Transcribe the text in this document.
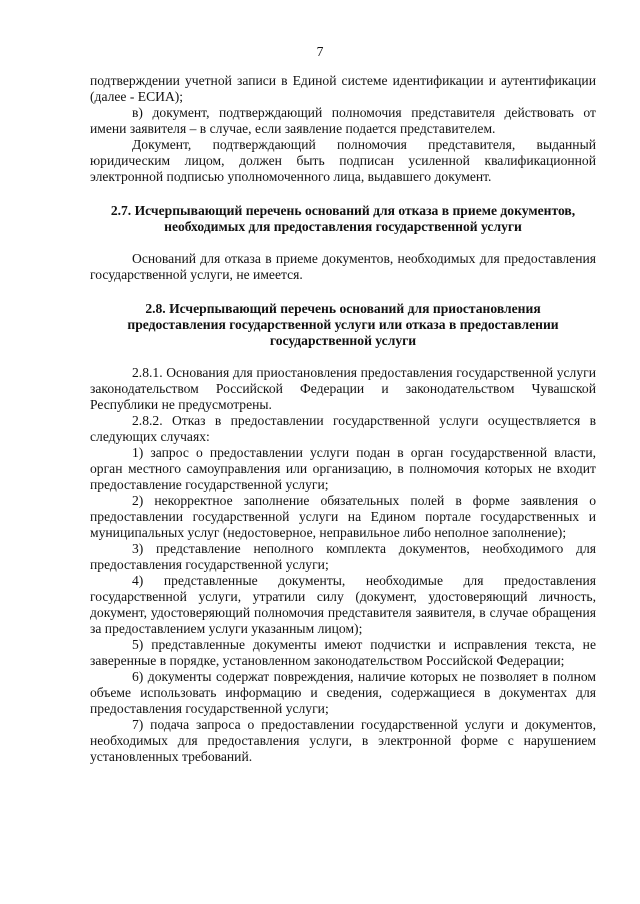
7

подтверждении учетной записи в Единой системе идентификации и аутентификации (далее - ЕСИА);

в) документ, подтверждающий полномочия представителя действовать от имени заявителя – в случае, если заявление подается представителем.

Документ, подтверждающий полномочия представителя, выданный юридическим лицом, должен быть подписан усиленной квалификационной электронной подписью уполномоченного лица, выдавшего документ.

2.7. Исчерпывающий перечень оснований для отказа в приеме документов, необходимых для предоставления государственной услуги

Оснований для отказа в приеме документов, необходимых для предоставления государственной услуги, не имеется.

2.8. Исчерпывающий перечень оснований для приостановления предоставления государственной услуги или отказа в предоставлении государственной услуги

2.8.1. Основания для приостановления предоставления государственной услуги законодательством Российской Федерации и законодательством Чувашской Республики не предусмотрены.

2.8.2. Отказ в предоставлении государственной услуги осуществляется в следующих случаях:

1) запрос о предоставлении услуги подан в орган государственной власти, орган местного самоуправления или организацию, в полномочия которых не входит предоставление государственной услуги;

2) некорректное заполнение обязательных полей в форме заявления о предоставлении государственной услуги на Едином портале государственных и муниципальных услуг (недостоверное, неправильное либо неполное заполнение);

3) представление неполного комплекта документов, необходимого для предоставления государственной услуги;

4) представленные документы, необходимые для предоставления государственной услуги, утратили силу (документ, удостоверяющий личность, документ, удостоверяющий полномочия представителя заявителя, в случае обращения за предоставлением услуги указанным лицом);

5) представленные документы имеют подчистки и исправления текста, не заверенные в порядке, установленном законодательством Российской Федерации;

6) документы содержат повреждения, наличие которых не позволяет в полном объеме использовать информацию и сведения, содержащиеся в документах для предоставления государственной услуги;

7) подача запроса о предоставлении государственной услуги и документов, необходимых для предоставления услуги, в электронной форме с нарушением установленных требований.
